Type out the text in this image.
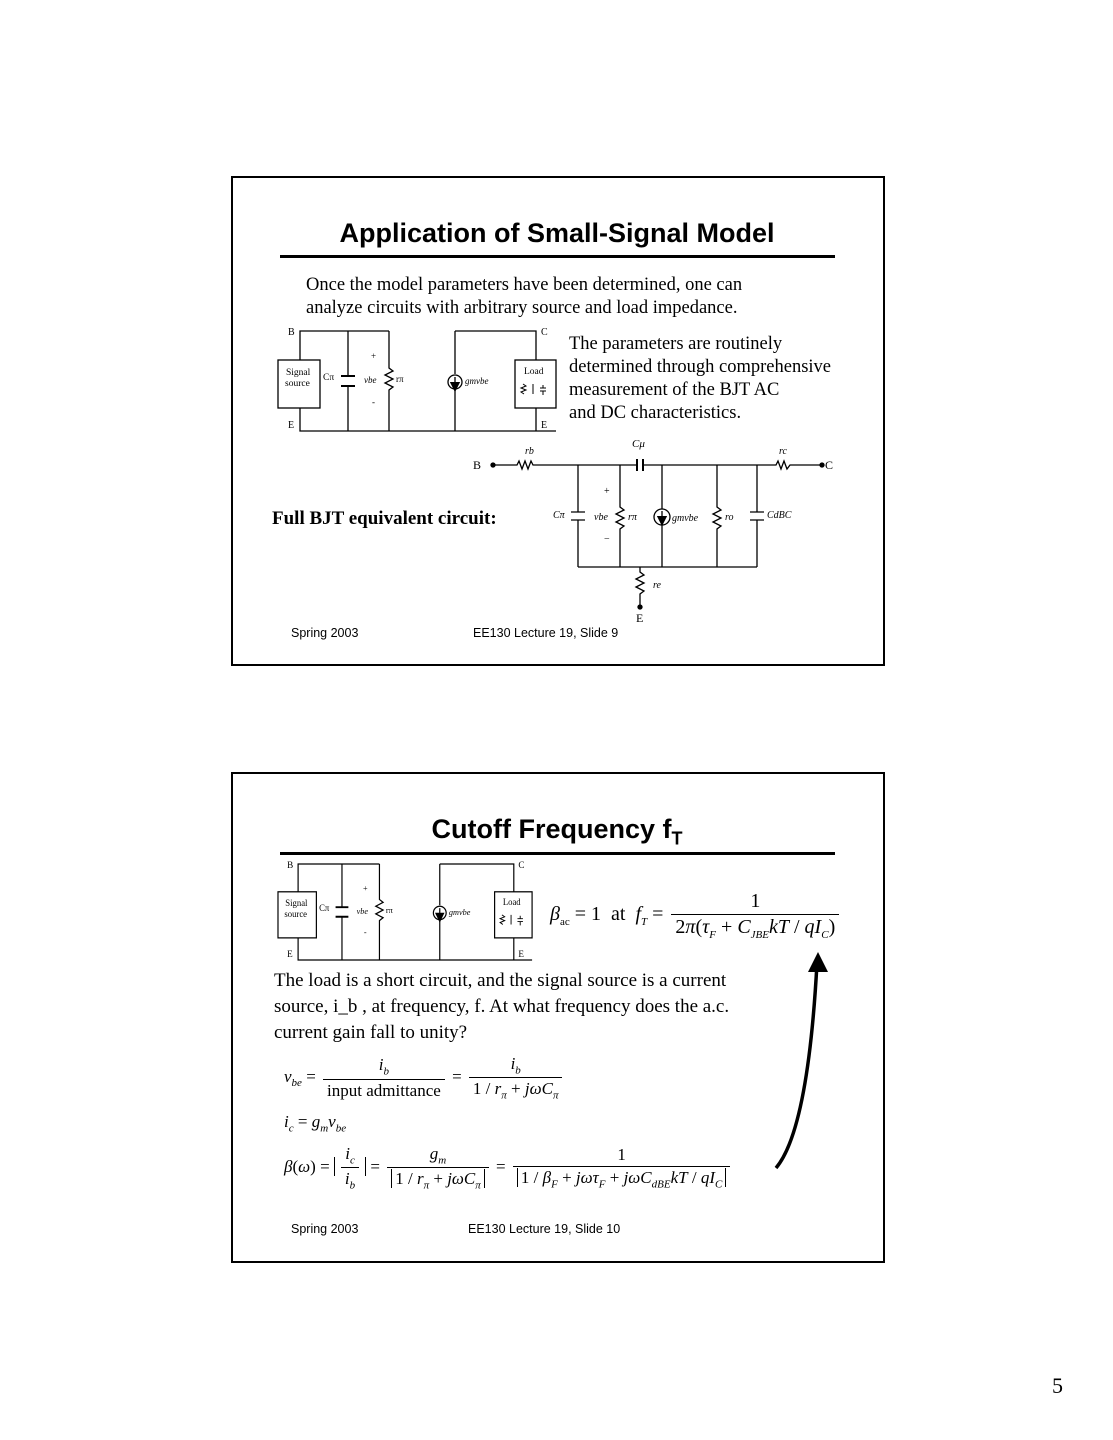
Application of Small-Signal Model
Once the model parameters have been determined, one can analyze circuits with arbitrary source and load impedance.
The parameters are routinely
determined through comprehensive
measurement of the BJT AC
and DC characteristics.
Full BJT equivalent circuit:
Spring 2003	EE130 Lecture 19, Slide 9
Cutoff Frequency $f_T$
$\beta_{ac} = 1$  at  $f_T = \frac{1}{2\pi(\tau_F + C_{JBE}kT / qI_C)}$
The load is a short circuit, and the signal source is a current
source, i_b , at frequency, f. At what frequency does the a.c.
current gain fall to unity?
$v_{be} = \frac{i_b}{\text{input admittance}} = \frac{i_b}{1 / r_\pi + j\omega C_\pi}$
$i_c = g_mv_{be}$
$\beta(\omega) = \frac{i_c}{i_b} = \frac{g_m}{1 / r_\pi + j\omega C_\pi} = \frac{1}{1 / \beta_F + j\omega\tau_F + j\omega C_{dBE}kT / qI_C}$
Spring 2003	EE130 Lecture 19, Slide 10
5
B	C
E	E
Signal
source
Cπ
+
vbe
-
rπ	gmvbe
Load
B	C
E
rb
Cμ
rc
Cπ
+
vbe
−
rπ	gmvbe	ro	CdBC
re
